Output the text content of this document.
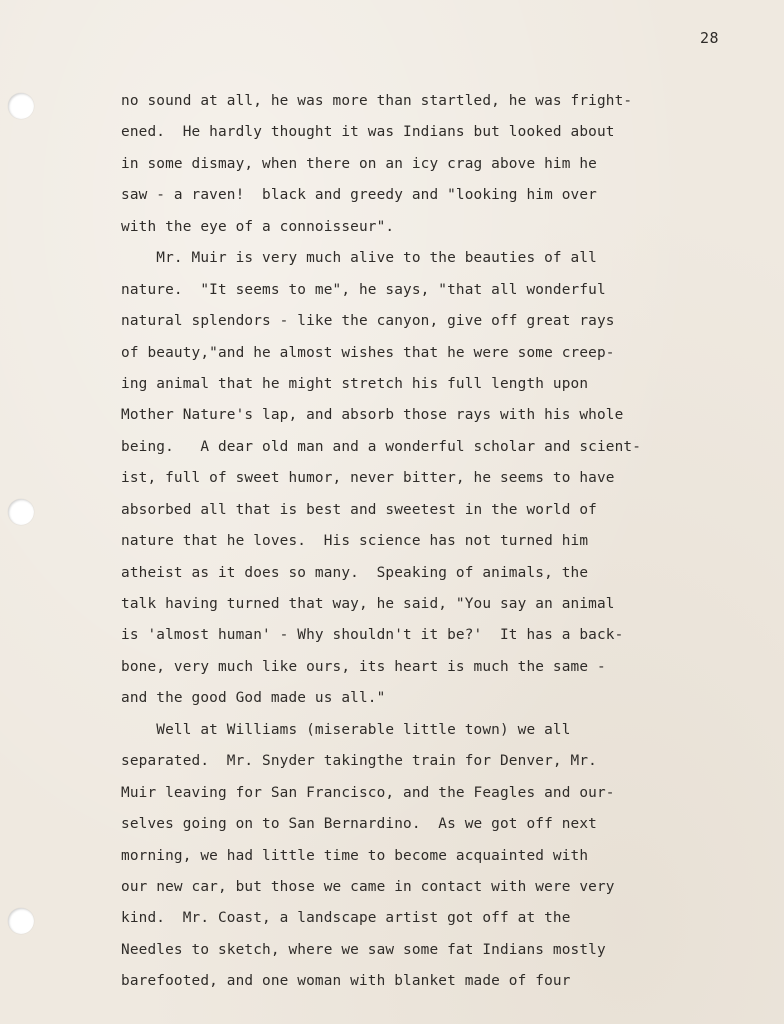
28
no sound at all, he was more than startled, he was fright-
ened.  He hardly thought it was Indians but looked about
in some dismay, when there on an icy crag above him he
saw - a raven!  black and greedy and "looking him over
with the eye of a connoisseur".
Mr. Muir is very much alive to the beauties of all
nature.  "It seems to me", he says, "that all wonderful
natural splendors - like the canyon, give off great rays
of beauty,"and he almost wishes that he were some creep-
ing animal that he might stretch his full length upon
Mother Nature's lap, and absorb those rays with his whole
being.   A dear old man and a wonderful scholar and scient-
ist, full of sweet humor, never bitter, he seems to have
absorbed all that is best and sweetest in the world of
nature that he loves.  His science has not turned him
atheist as it does so many.  Speaking of animals, the
talk having turned that way, he said, "You say an animal
is 'almost human' - Why shouldn't it be?'  It has a back-
bone, very much like ours, its heart is much the same -
and the good God made us all."
Well at Williams (miserable little town) we all
separated.  Mr. Snyder takingthe train for Denver, Mr.
Muir leaving for San Francisco, and the Feagles and our-
selves going on to San Bernardino.  As we got off next
morning, we had little time to become acquainted with
our new car, but those we came in contact with were very
kind.  Mr. Coast, a landscape artist got off at the
Needles to sketch, where we saw some fat Indians mostly
barefooted, and one woman with blanket made of four
